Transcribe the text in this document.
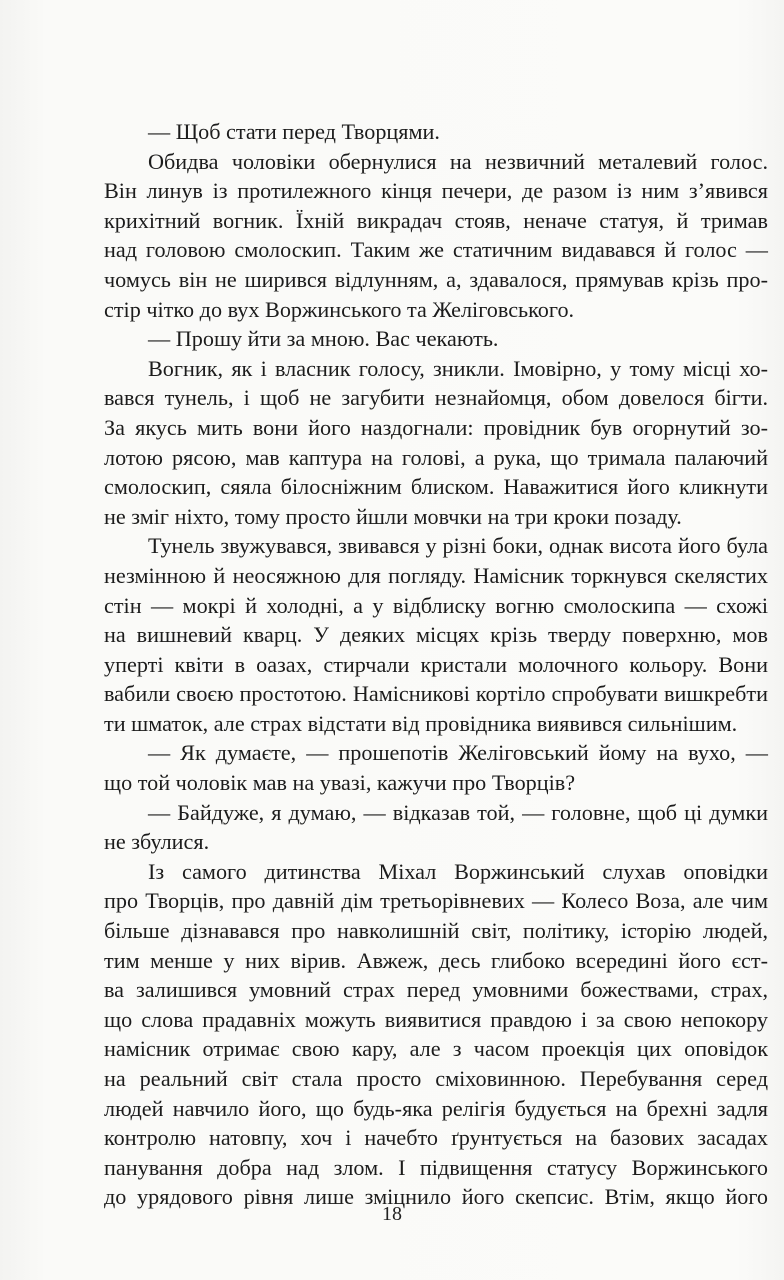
— Щоб стати перед Творцями.
Обидва чоловіки обернулися на незвичний металевий голос.
Він линув із протилежного кінця печери, де разом із ним з’явився
крихітний вогник. Їхній викрадач стояв, неначе статуя, й тримав
над головою смолоскип. Таким же статичним видавався й голос —
чомусь він не ширився відлунням, а, здавалося, прямував крізь про-
стір чітко до вух Воржинського та Желіговського.
— Прошу йти за мною. Вас чекають.
Вогник, як і власник голосу, зникли. Імовірно, у тому місці хо-
вався тунель, і щоб не загубити незнайомця, обом довелося бігти.
За якусь мить вони його наздогнали: провідник був огорнутий зо-
лотою рясою, мав каптура на голові, а рука, що тримала палаючий
смолоскип, сяяла білосніжним блиском. Наважитися його кликнути
не зміг ніхто, тому просто йшли мовчки на три кроки позаду.
Тунель звужувався, звивався у різні боки, однак висота його була
незмінною й неосяжною для погляду. Намісник торкнувся скелястих
стін — мокрі й холодні, а у відблиску вогню смолоскипа — схожі
на вишневий кварц. У деяких місцях крізь тверду поверхню, мов
уперті квіти в оазах, стирчали кристали молочного кольору. Вони
вабили своєю простотою. Намісникові кортіло спробувати вишкребти
ти шматок, але страх відстати від провідника виявився сильнішим.
— Як думаєте, — прошепотів Желіговський йому на вухо, —
що той чоловік мав на увазі, кажучи про Творців?
— Байдуже, я думаю, — відказав той, — головне, щоб ці думки
не збулися.
Із самого дитинства Міхал Воржинський слухав оповідки
про Творців, про давній дім третьорівневих — Колесо Воза, але чим
більше дізнавався про навколишній світ, політику, історію людей,
тим менше у них вірив. Авжеж, десь глибоко всередині його єст-
ва залишився умовний страх перед умовними божествами, страх,
що слова прадавніх можуть виявитися правдою і за свою непокору
намісник отримає свою кару, але з часом проекція цих оповідок
на реальний світ стала просто сміховинною. Перебування серед
людей навчило його, що будь-яка релігія будується на брехні задля
контролю натовпу, хоч і начебто ґрунтується на базових засадах
панування добра над злом. І підвищення статусу Воржинського
до урядового рівня лише зміцнило його скепсис. Втім, якщо його
18
